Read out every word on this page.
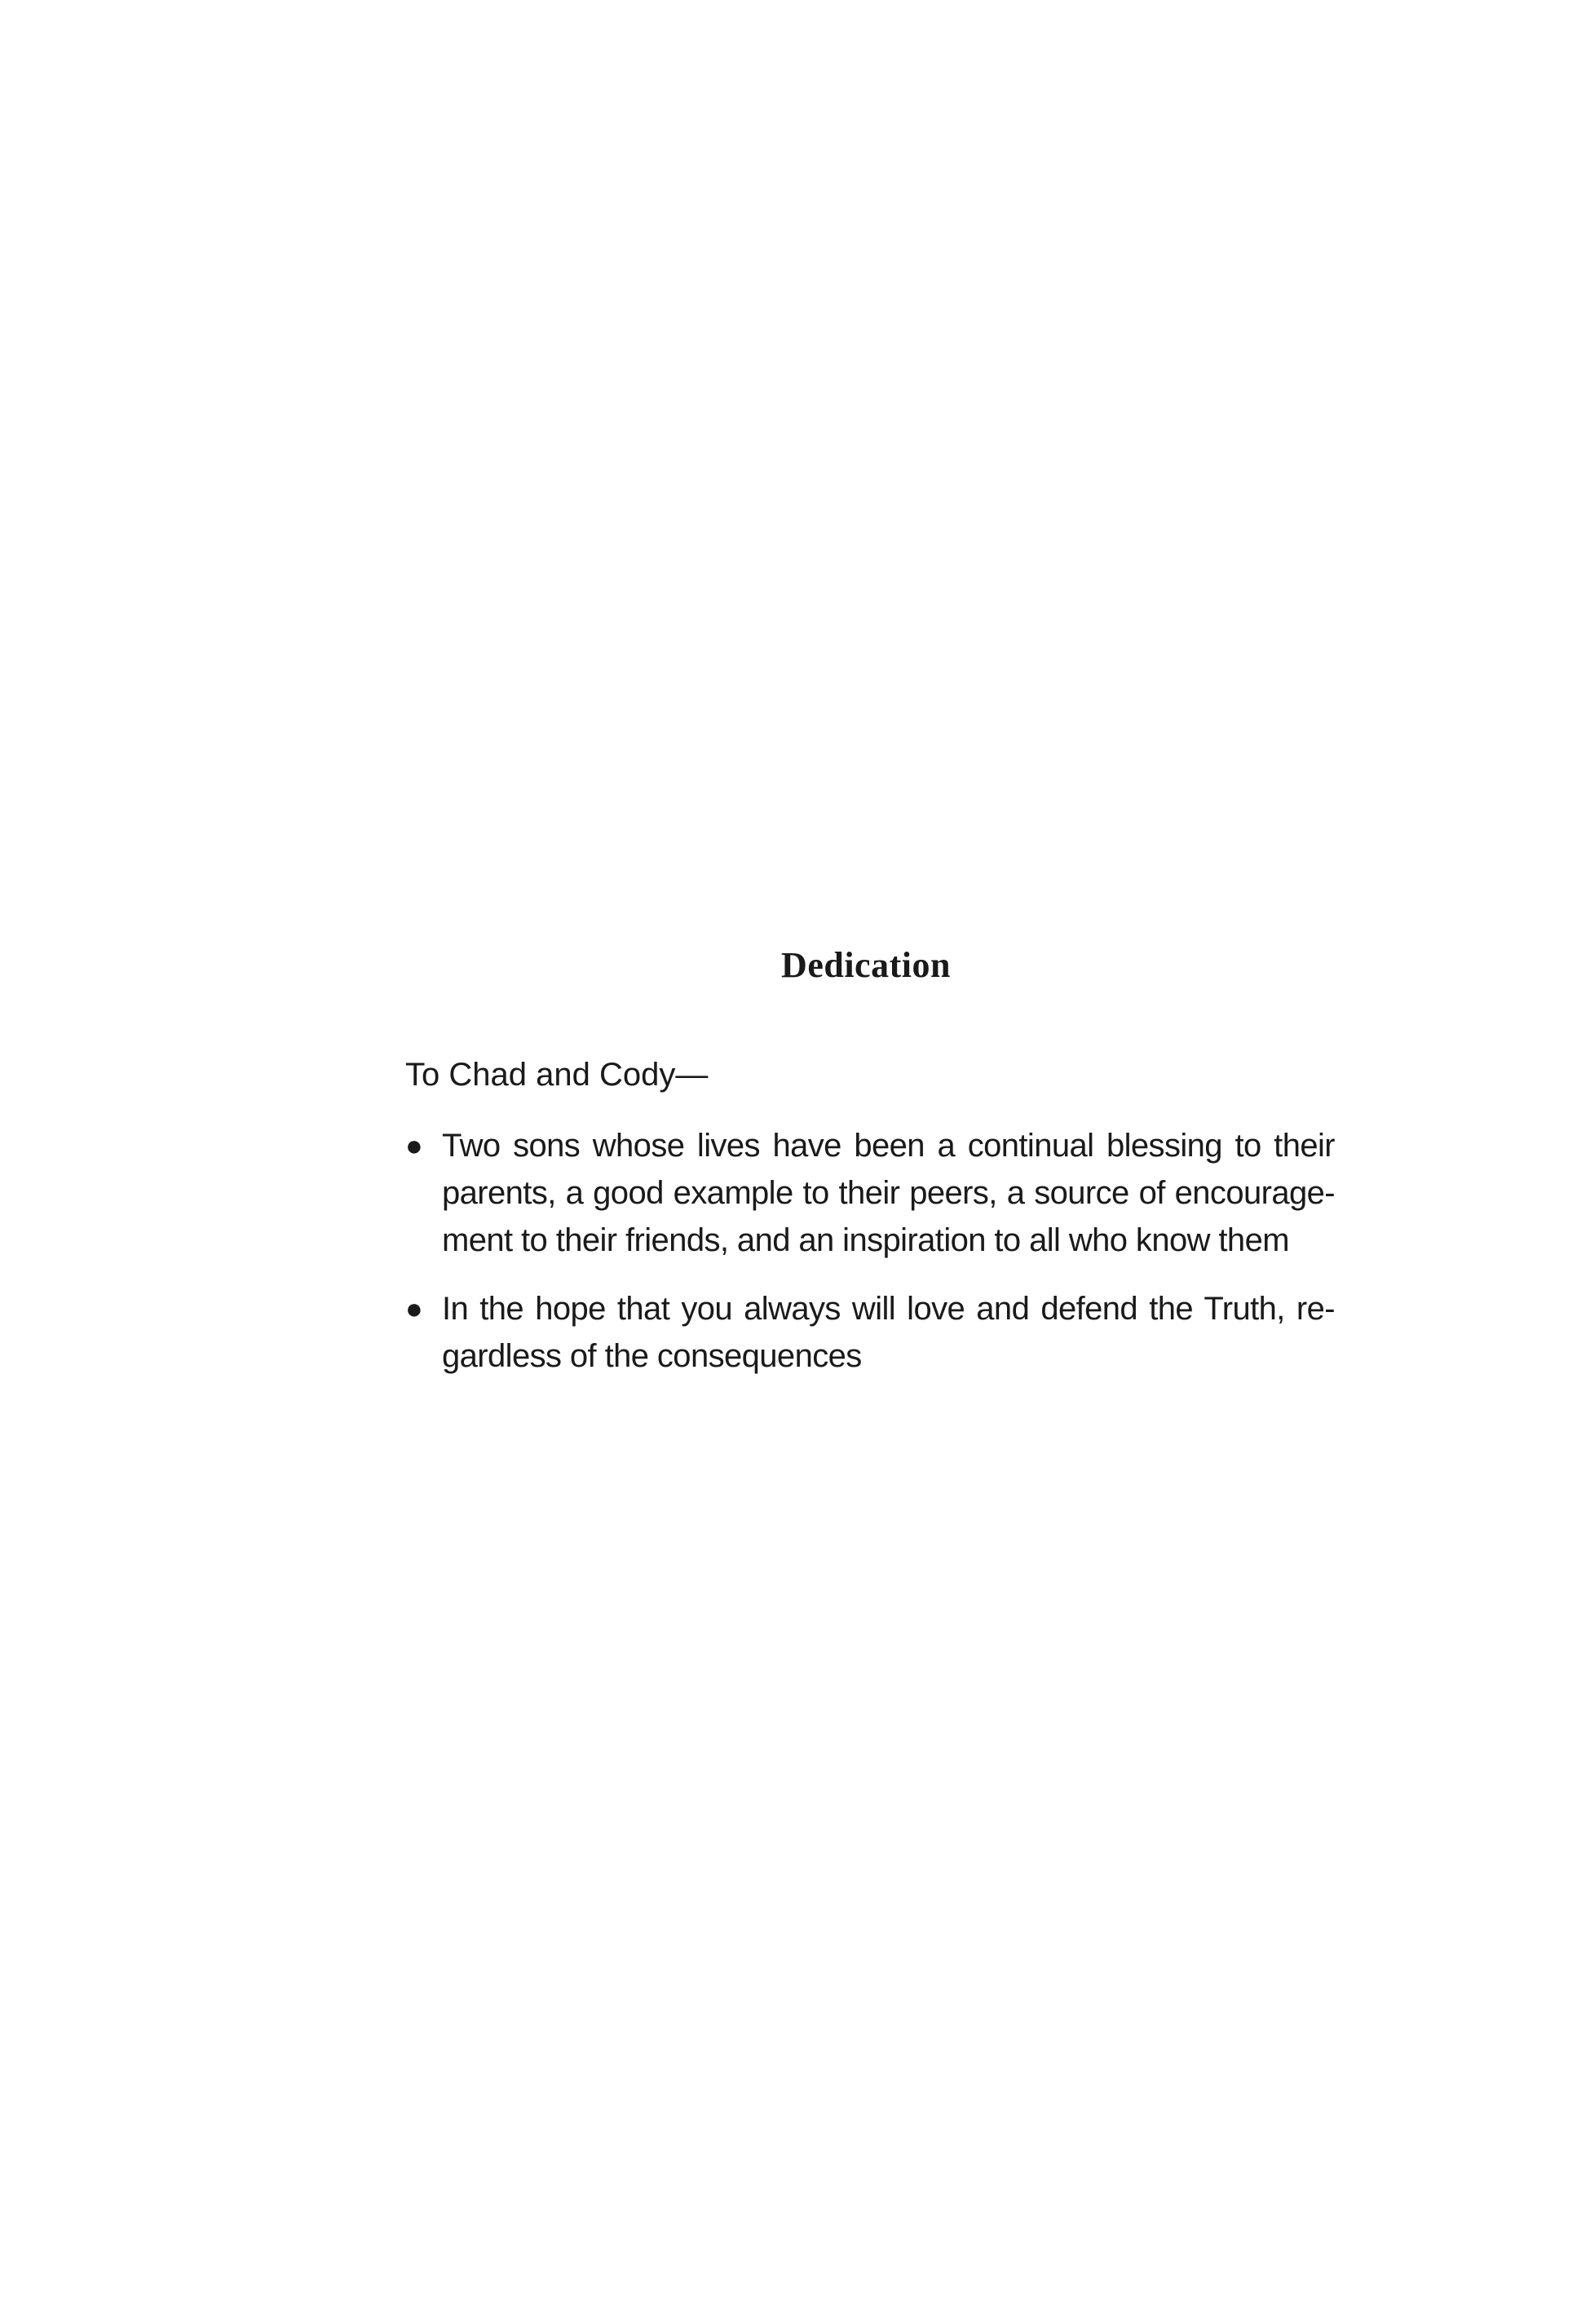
Dedication

To Chad and Cody—

● Two sons whose lives have been a continual blessing to their
parents, a good example to their peers, a source of encourage-
ment to their friends, and an inspiration to all who know them
● In the hope that you always will love and defend the Truth, re-
gardless of the consequences
